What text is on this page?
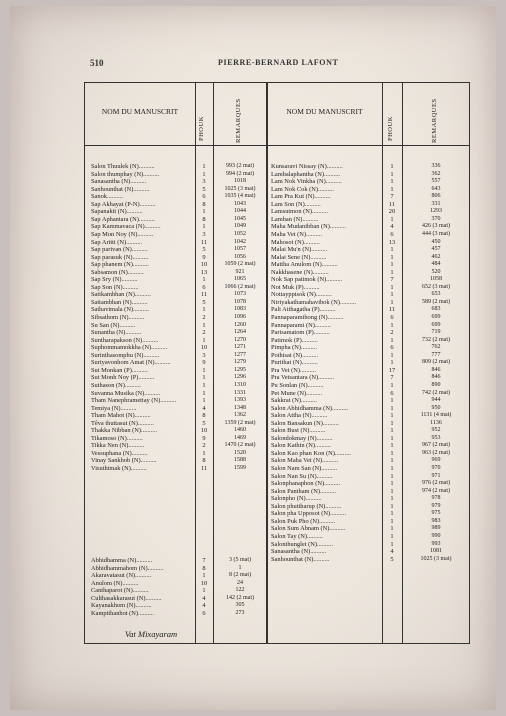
510	PIERRE-BERNARD LAFONT
NOM DU MANUSCRIT
PHOUK	REMARQUES	NOM DU MANUSCRIT
PHOUK	REMARQUES
Vat Mixayaram
Salon Thuulek (N)..........	1	993 (2 mat)
Salon thumphay (N)..........	1	994 (2 mat)
Sanasantha (N)..........	3	1018
Sanhounthat (N)..........	5	1025 (3 mat)
Sanok..........	6	1035 (4 mat)
Sap Akhayat (P-N)..........	8	1043
Sapanakit (N)..........	1	1044
Sap Aphantara (N)..........	8	1045
Sap Kammavaca (N)..........	1	1049
Sap Mon Noy (N)..........	3	1052
Sap Aritti (N)..........	11	1042
Sap parivan (N)..........	5	1057
Sap parasuk (N)..........	9	1056
Sap phanem (N)..........	10	1059 (2 mat)
Sabsamon (N)..........	13	921
Sap Sry (N)..........	1	1065
Sap Son (N)..........	6	1066 (2 mat)
Satikambhan (N)..........	11	1073
Sattambhan (N)..........	5	1078
Sathavimala (N)..........	1	1083
Sibsathom (N)..........	2	1096
Su San (N)..........	1	1260
Sunantha (N)..........	2	1264
Suntharapakson (N)..........	1	1270
Suphommamokkha (N)..........	10	1271
Surinthasomphu (N)..........	3	1277
Suriyavonhom Amat (N)..........	9	1279
Sut Monkan (P)..........	1	1295
Sut Monh Noy (P)..........	1	1296
Suthason (N)..........	1	1310
Suvanna Musika (N)..........	1	1331
Tham Nanephramettay (N)..........	1	1393
Temiya (N)..........	4	1348
Tham Mahot (N)..........	8	1362
Têva thuttasut (N)..........	5	1359 (2 mat)
Thakka Nibban (N)..........	10	1460
Tikamoso (N)..........	9	1469
Tikka Nen (N)..........	2	1470 (2 mat)
Vessuphana (N)..........	1	1520
Vinay Sankhob (N)..........	8	1588
Visuthimak (N)..........	11	1599
Abhidhamma (N)..........	7	3 (5 mat)
Abhidhammahom (N)..........	8	1
Akaravatasut (N)..........	1	8 (2 mat)
Anulom (N)..........	10	24
Canthaparot (N)..........	1	122
Culthasakkarasut (N)..........	4	142 (2 mat)
Kayanakhom (N)..........	4	305
Kampithanhot (N)..........	6	273
Kunsaravi Nissay (N)..........	1	336
Lambalaphantha (N)..........	1	362
Lam Nok Vinkha (N)..........	1	557
Lam Nok Cok (N)..........	1	643
Lam Pra Kut (N)..........	7	806
Lam Son (N)..........	11	331
Lamsutmon (N)..........	20	1293
Lamban (N)..........	1	370
Maha Mudanibban (N)..........	4	426 (3 mat)
Maha Vet (N)..........	6	444 (3 mat)
Mahosot (N)..........	13	450
Malai Mu'n (N)..........	1	457
Malai Sene (N)..........	1	462
Mattha Anulom (N)..........	1	484
Nakkhasene (N)..........	1	520
Nok Sap patimok (N)..........	7	1058
Not Muk (P)..........	1	652 (3 mat)
Nottayppisok (N)..........	1	653
Niriyakathamahavibok (N)..........	1	589 (2 mat)
Pali Atthagatha (P)..........	11	683
Pannaparamihong (N)..........	6	699
Pannaparami (N)..........	1	699
Parisamatom (P)..........	2	719
Patimok (P)..........	1	732 (2 mat)
Pimpha (N)..........	6	762
Pothisat (N)..........	1	777
Purithat (N)..........	1	809 (2 mat)
Pra Vet (N)..........	17	846
Pra Vetsantara (N)..........	7	846
Pu Sonlan (N)..........	1	890
Pet Mune (N)..........	6	742 (2 mat)
Sakkrat (N)..........	1	944
Salon Abhidhamma (N)..........	1	950
Salon Attha (N)..........	1	1131 (4 mat)
Salon Bansakun (N)..........	1	1136
Salon Bust (N)..........	1	952
Salondokmay (N)..........	1	953
Salon Kathin (N)..........	1	967 (2 mat)
Salon Kao phan Kon (N)..........	1	963 (2 mat)
Salon Maha Vet (N)..........	1	969
Salon Nam San (N)..........	1	970
Salon Nan Su (N)..........	1	971
Salonphanaphon (N)..........	1	976 (2 mat)
Salon Pantham (N)..........	1	974 (2 mat)
Salonpho (N)..........	1	978
Salon phuttharup (N)..........	1	979
Salon pha Upposot (N)..........	1	975
Salon Puk Pho (N)..........	1	983
Salon Sum Abnam (N)..........	1	989
Salon Tay (N)..........	1	990
Salonthunglet (N)..........	1	993
Sanasantha (N)..........	4	1081
Sanhounthat (N)..........	5	1025 (3 mat)
